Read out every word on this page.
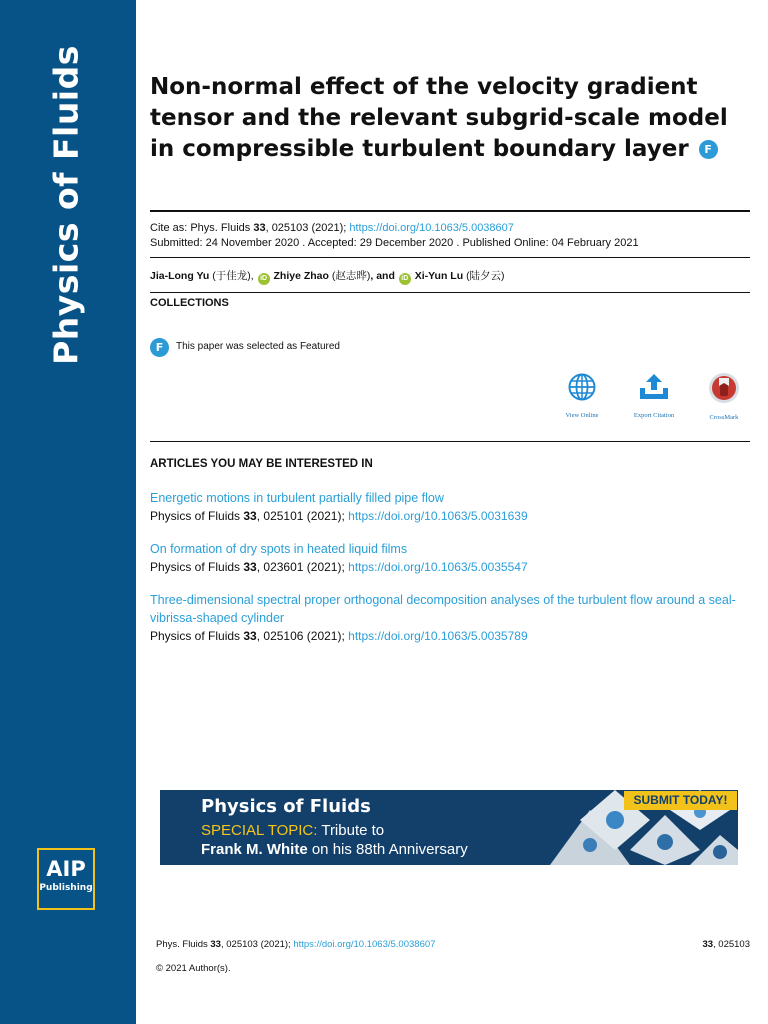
Physics of Fluids
AIP
Publishing
Non-normal effect of the velocity gradient tensor and the relevant subgrid-scale model in compressible turbulent boundary layer F
Cite as: Phys. Fluids 33, 025103 (2021); https://doi.org/10.1063/5.0038607
Submitted: 24 November 2020 . Accepted: 29 December 2020 . Published Online: 04 February 2021
Jia-Long Yu (于佳龙), iD Zhiye Zhao (赵志晔), and iD Xi-Yun Lu (陆夕云)
COLLECTIONS
F This paper was selected as Featured
View Online	Export Citation	CrossMark
ARTICLES YOU MAY BE INTERESTED IN
Energetic motions in turbulent partially filled pipe flow
Physics of Fluids 33, 025101 (2021); https://doi.org/10.1063/5.0031639
On formation of dry spots in heated liquid films
Physics of Fluids 33, 023601 (2021); https://doi.org/10.1063/5.0035547
Three-dimensional spectral proper orthogonal decomposition analyses of the turbulent flow around a seal-vibrissa-shaped cylinder
Physics of Fluids 33, 025106 (2021); https://doi.org/10.1063/5.0035789
Physics of Fluids
SPECIAL TOPIC: Tribute to
Frank M. White on his 88th Anniversary
SUBMIT TODAY!
Phys. Fluids 33, 025103 (2021); https://doi.org/10.1063/5.0038607	33, 025103
© 2021 Author(s).
